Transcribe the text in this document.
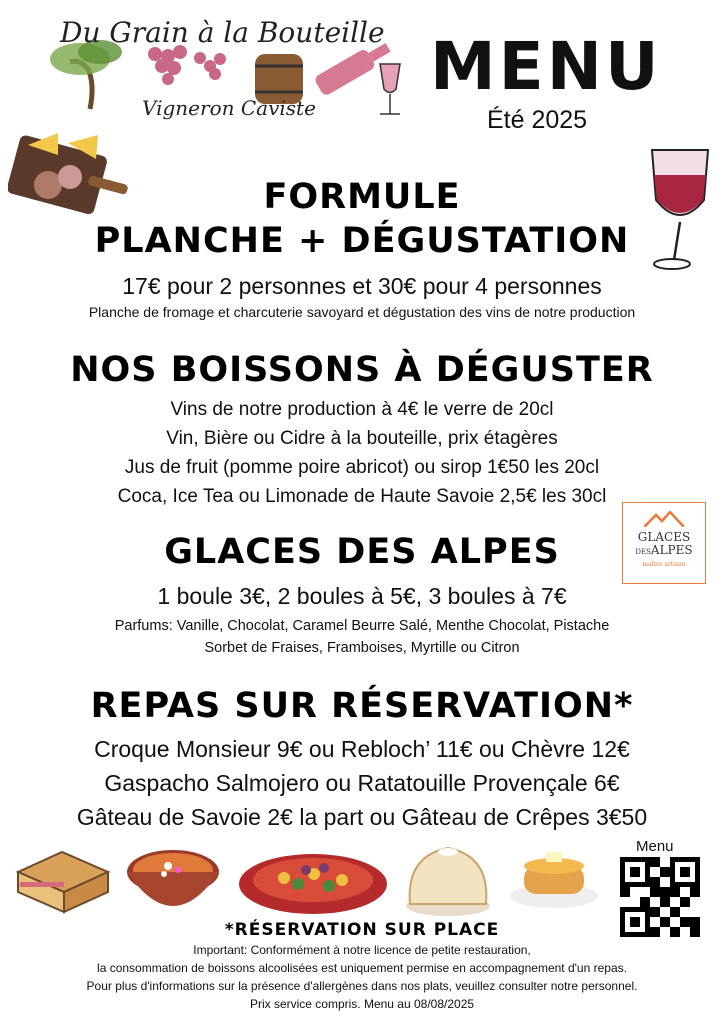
Du Grain à la Bouteille
Vigneron Caviste
MENU
Été 2025
FORMULE
PLANCHE + DÉGUSTATION
17€ pour 2 personnes et 30€ pour 4 personnes
Planche de fromage et charcuterie savoyard et dégustation des vins de notre production
NOS BOISSONS À DÉGUSTER
Vins de notre production à 4€ le verre de 20cl
Vin, Bière ou Cidre à la bouteille, prix étagères
Jus de fruit (pomme poire abricot) ou sirop 1€50 les 20cl
Coca, Ice Tea ou Limonade de Haute Savoie 2,5€ les 30cl
GLACES DES ALPES
1 boule 3€, 2 boules à 5€, 3 boules à 7€
Parfums: Vanille, Chocolat, Caramel Beurre Salé, Menthe Chocolat, Pistache
Sorbet de Fraises, Framboises, Myrtille ou Citron
GLACES
DESALPES
maître artisan
REPAS SUR RÉSERVATION*
Croque Monsieur 9€ ou Rebloch’ 11€ ou Chèvre 12€
Gaspacho Salmojero ou Ratatouille Provençale 6€
Gâteau de Savoie 2€ la part ou Gâteau de Crêpes 3€50
Menu
*RÉSERVATION SUR PLACE
Important: Conformément à notre licence de petite restauration,
la consommation de boissons alcoolisées est uniquement permise en accompagnement d'un repas.
Pour plus d'informations sur la présence d'allergènes dans nos plats, veuillez consulter notre personnel.
Prix service compris. Menu au 08/08/2025
